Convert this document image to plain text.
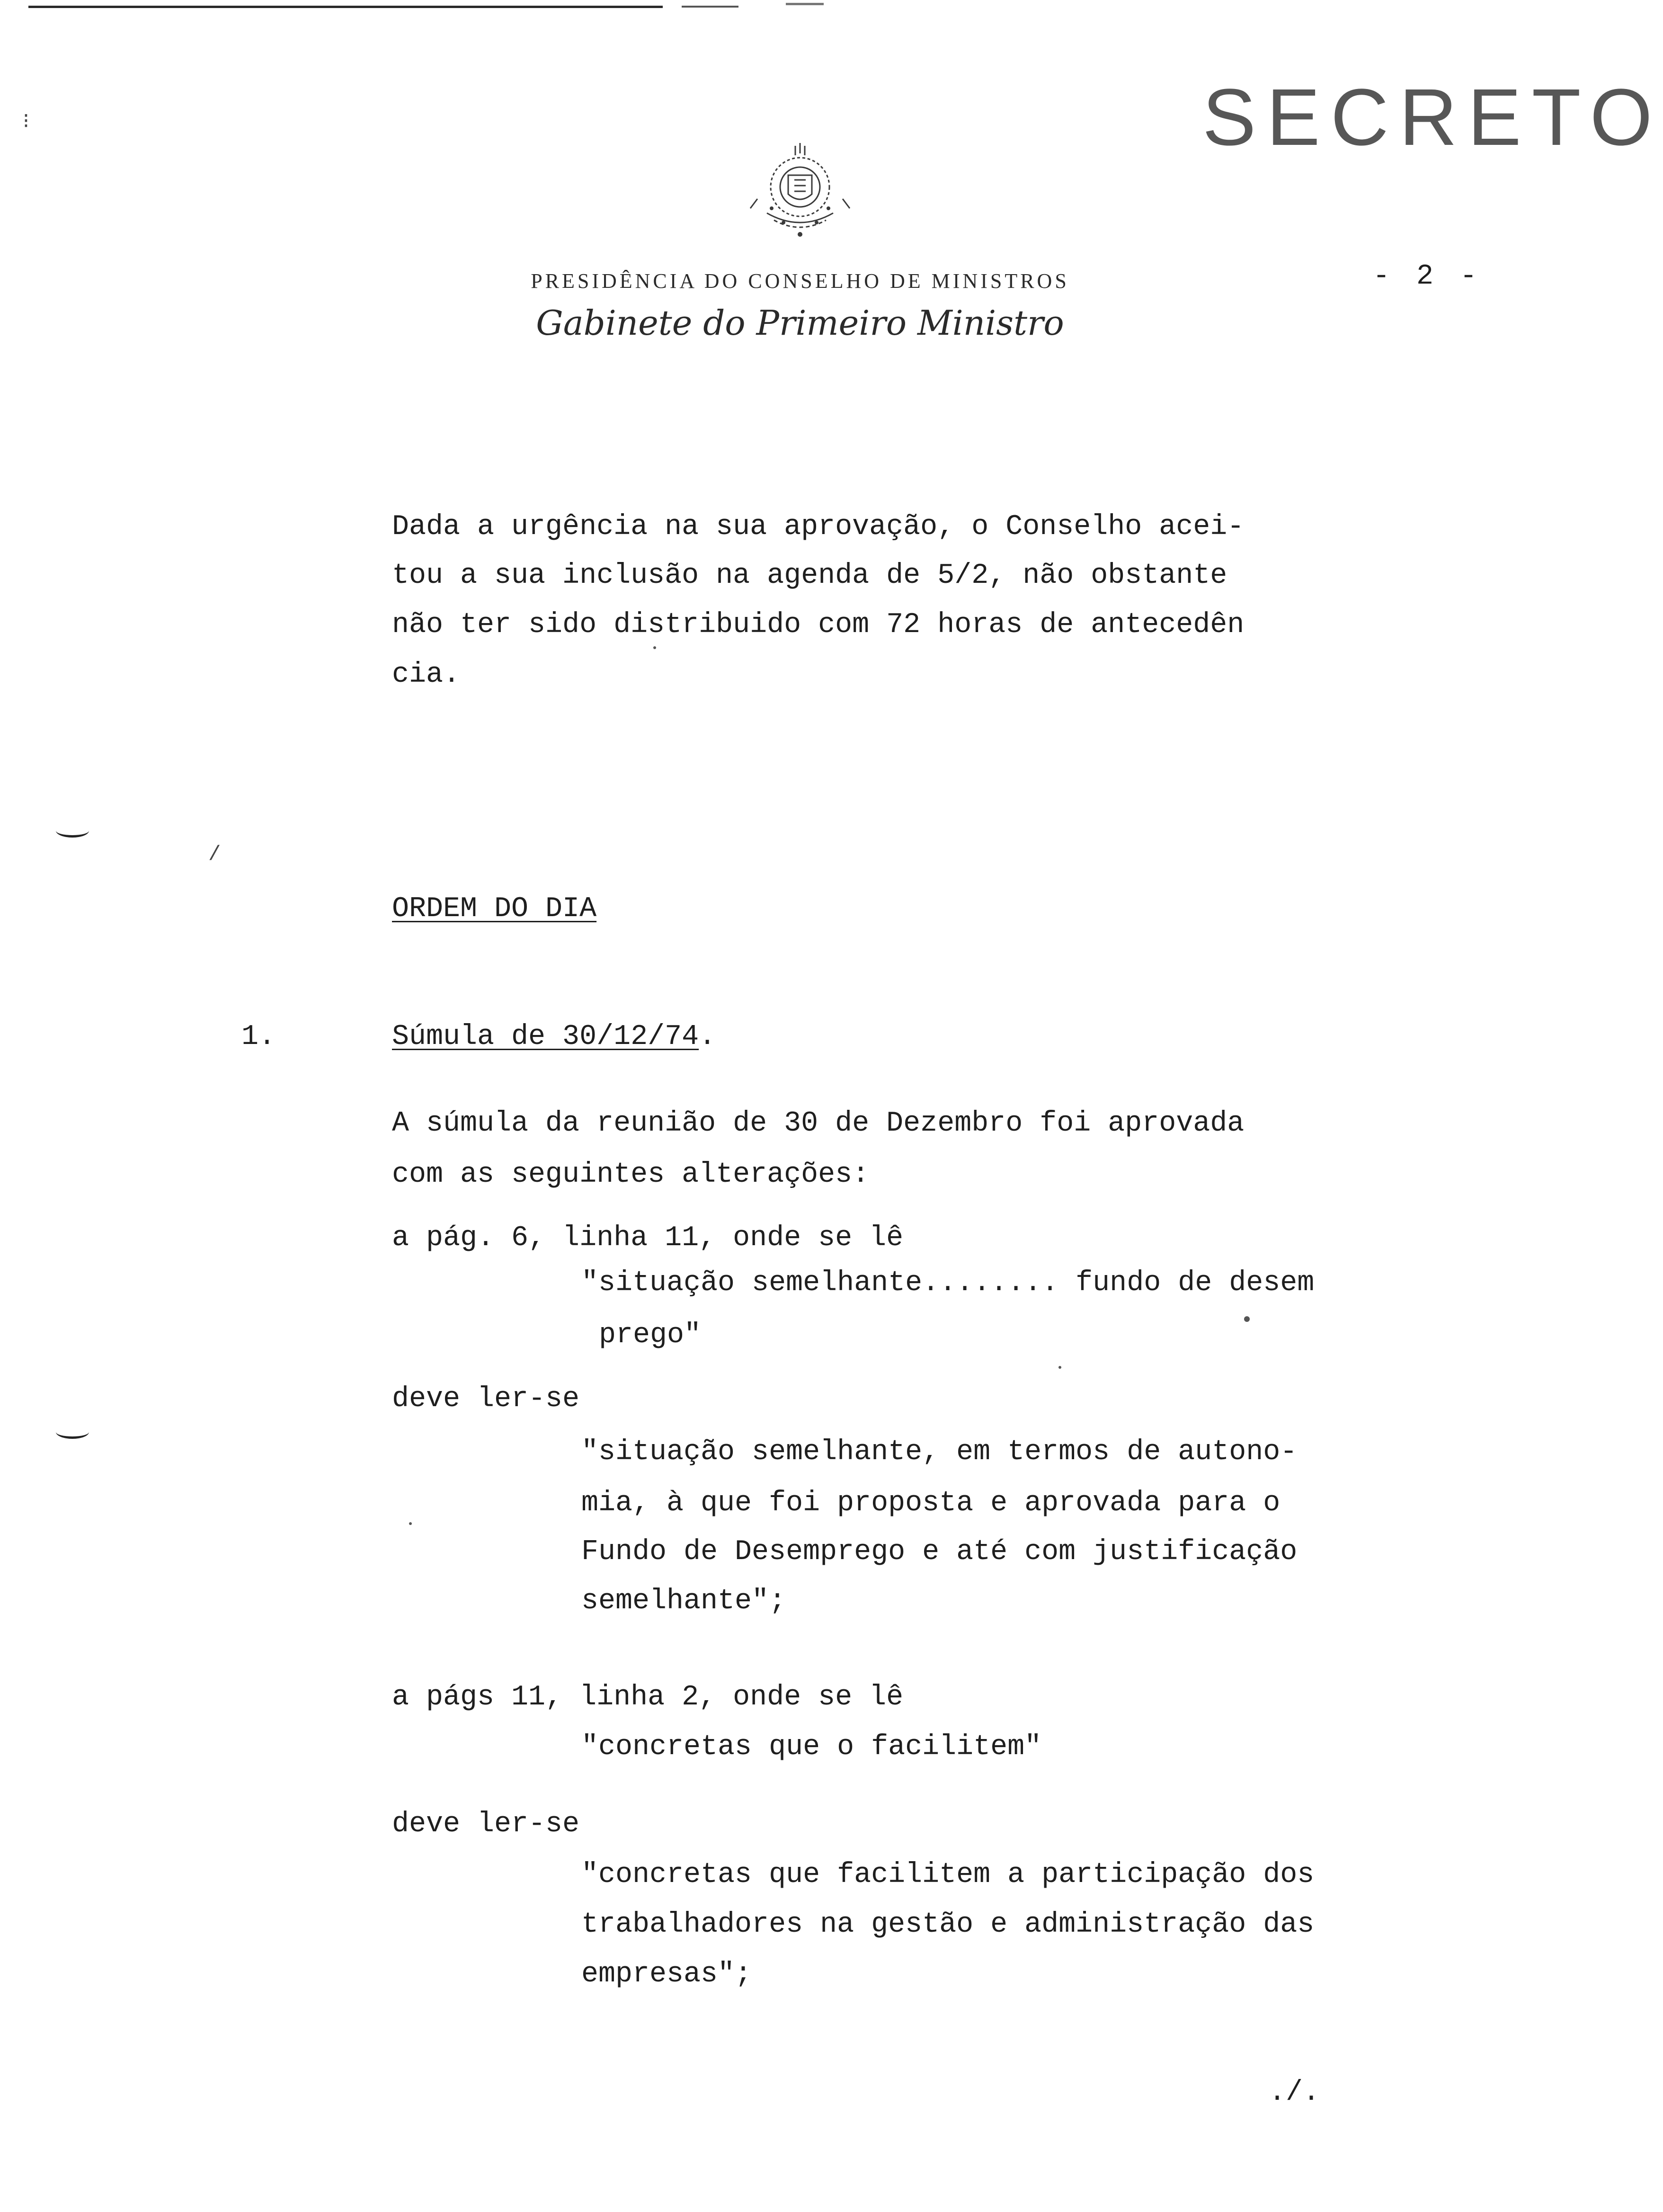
⁝	SECRETO
PRESIDÊNCIA DO CONSELHO DE MINISTROS
Gabinete do Primeiro Ministro
- 2 -
Dada a urgência na sua aprovação, o Conselho acei-
tou a sua inclusão na agenda de 5/2, não obstante
não ter sido distribuido com 72 horas de antecedên
cia.
/
ORDEM DO DIA
1.	Súmula de 30/12/74.
A súmula da reunião de 30 de Dezembro foi aprovada
com as seguintes alterações:
a pág. 6, linha 11, onde se lê
"situação semelhante........ fundo de desem
prego"
deve ler-se
"situação semelhante, em termos de autono-
mia, à que foi proposta e aprovada para o
Fundo de Desemprego e até com justificação
semelhante";
a págs 11, linha 2, onde se lê
"concretas que o facilitem"
deve ler-se
"concretas que facilitem a participação dos
trabalhadores na gestão e administração das
empresas";
./.
